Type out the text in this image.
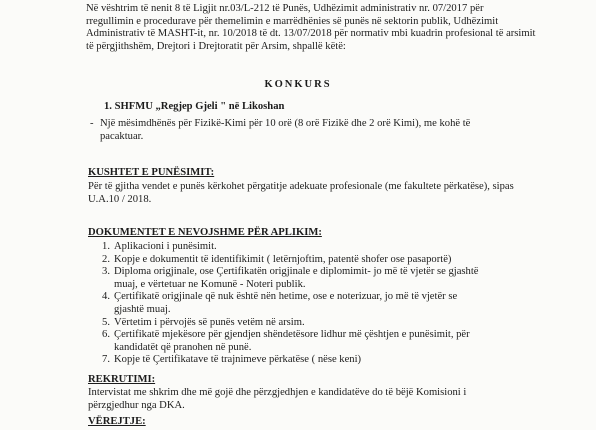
Në vështrim të nenit 8 të Ligjit nr.03/L-212 të Punës, Udhëzimit administrativ nr. 07/2017 për
rregullimin e procedurave për themelimin e marrëdhënies së punës në sektorin publik, Udhëzimit
Administrativ të MASHT-it, nr. 10/2018 të dt. 13/07/2018 për normativ mbi kuadrin profesional të arsimit
të përgjithshëm, Drejtori i Drejtoratit për Arsim, shpallë këtë:
KONKURS
1. SHFMU „Regjep Gjeli " në Likoshan
- Një mësimdhënës për Fizikë-Kimi për 10 orë (8 orë Fizikë dhe 2 orë Kimi), me kohë të
pacaktuar.
KUSHTET E PUNËSIMIT:
Për të gjitha vendet e punës kërkohet përgatitje adekuate profesionale (me fakultete përkatëse), sipas
U.A.10 / 2018.
DOKUMENTET E NEVOJSHME PËR APLIKIM:
1. Aplikacioni i punësimit.
2. Kopje e dokumentit të identifikimit ( letërnjoftim, patentë shofer ose pasaportë)
3. Diploma origjinale, ose Çertifikatën origjinale e diplomimit- jo më të vjetër se gjashtë
muaj, e vërtetuar ne Komunë - Noteri publik.
4. Çertifikatë origjinale që nuk është nën hetime, ose e noterizuar, jo më të vjetër se
gjashtë muaj.
5. Vërtetim i përvojës së punës vetëm në arsim.
6. Çertifikatë mjekësore për gjendjen shëndetësore lidhur më çështjen e punësimit, për
kandidatët që pranohen në punë.
7. Kopje të Çertifikatave të trajnimeve përkatëse ( nëse keni)
REKRUTIMI:
Intervistat me shkrim dhe më gojë dhe përzgjedhjen e kandidatëve do të bëjë Komisioni i
përzgjedhur nga DKA.
VËREJTJE:
